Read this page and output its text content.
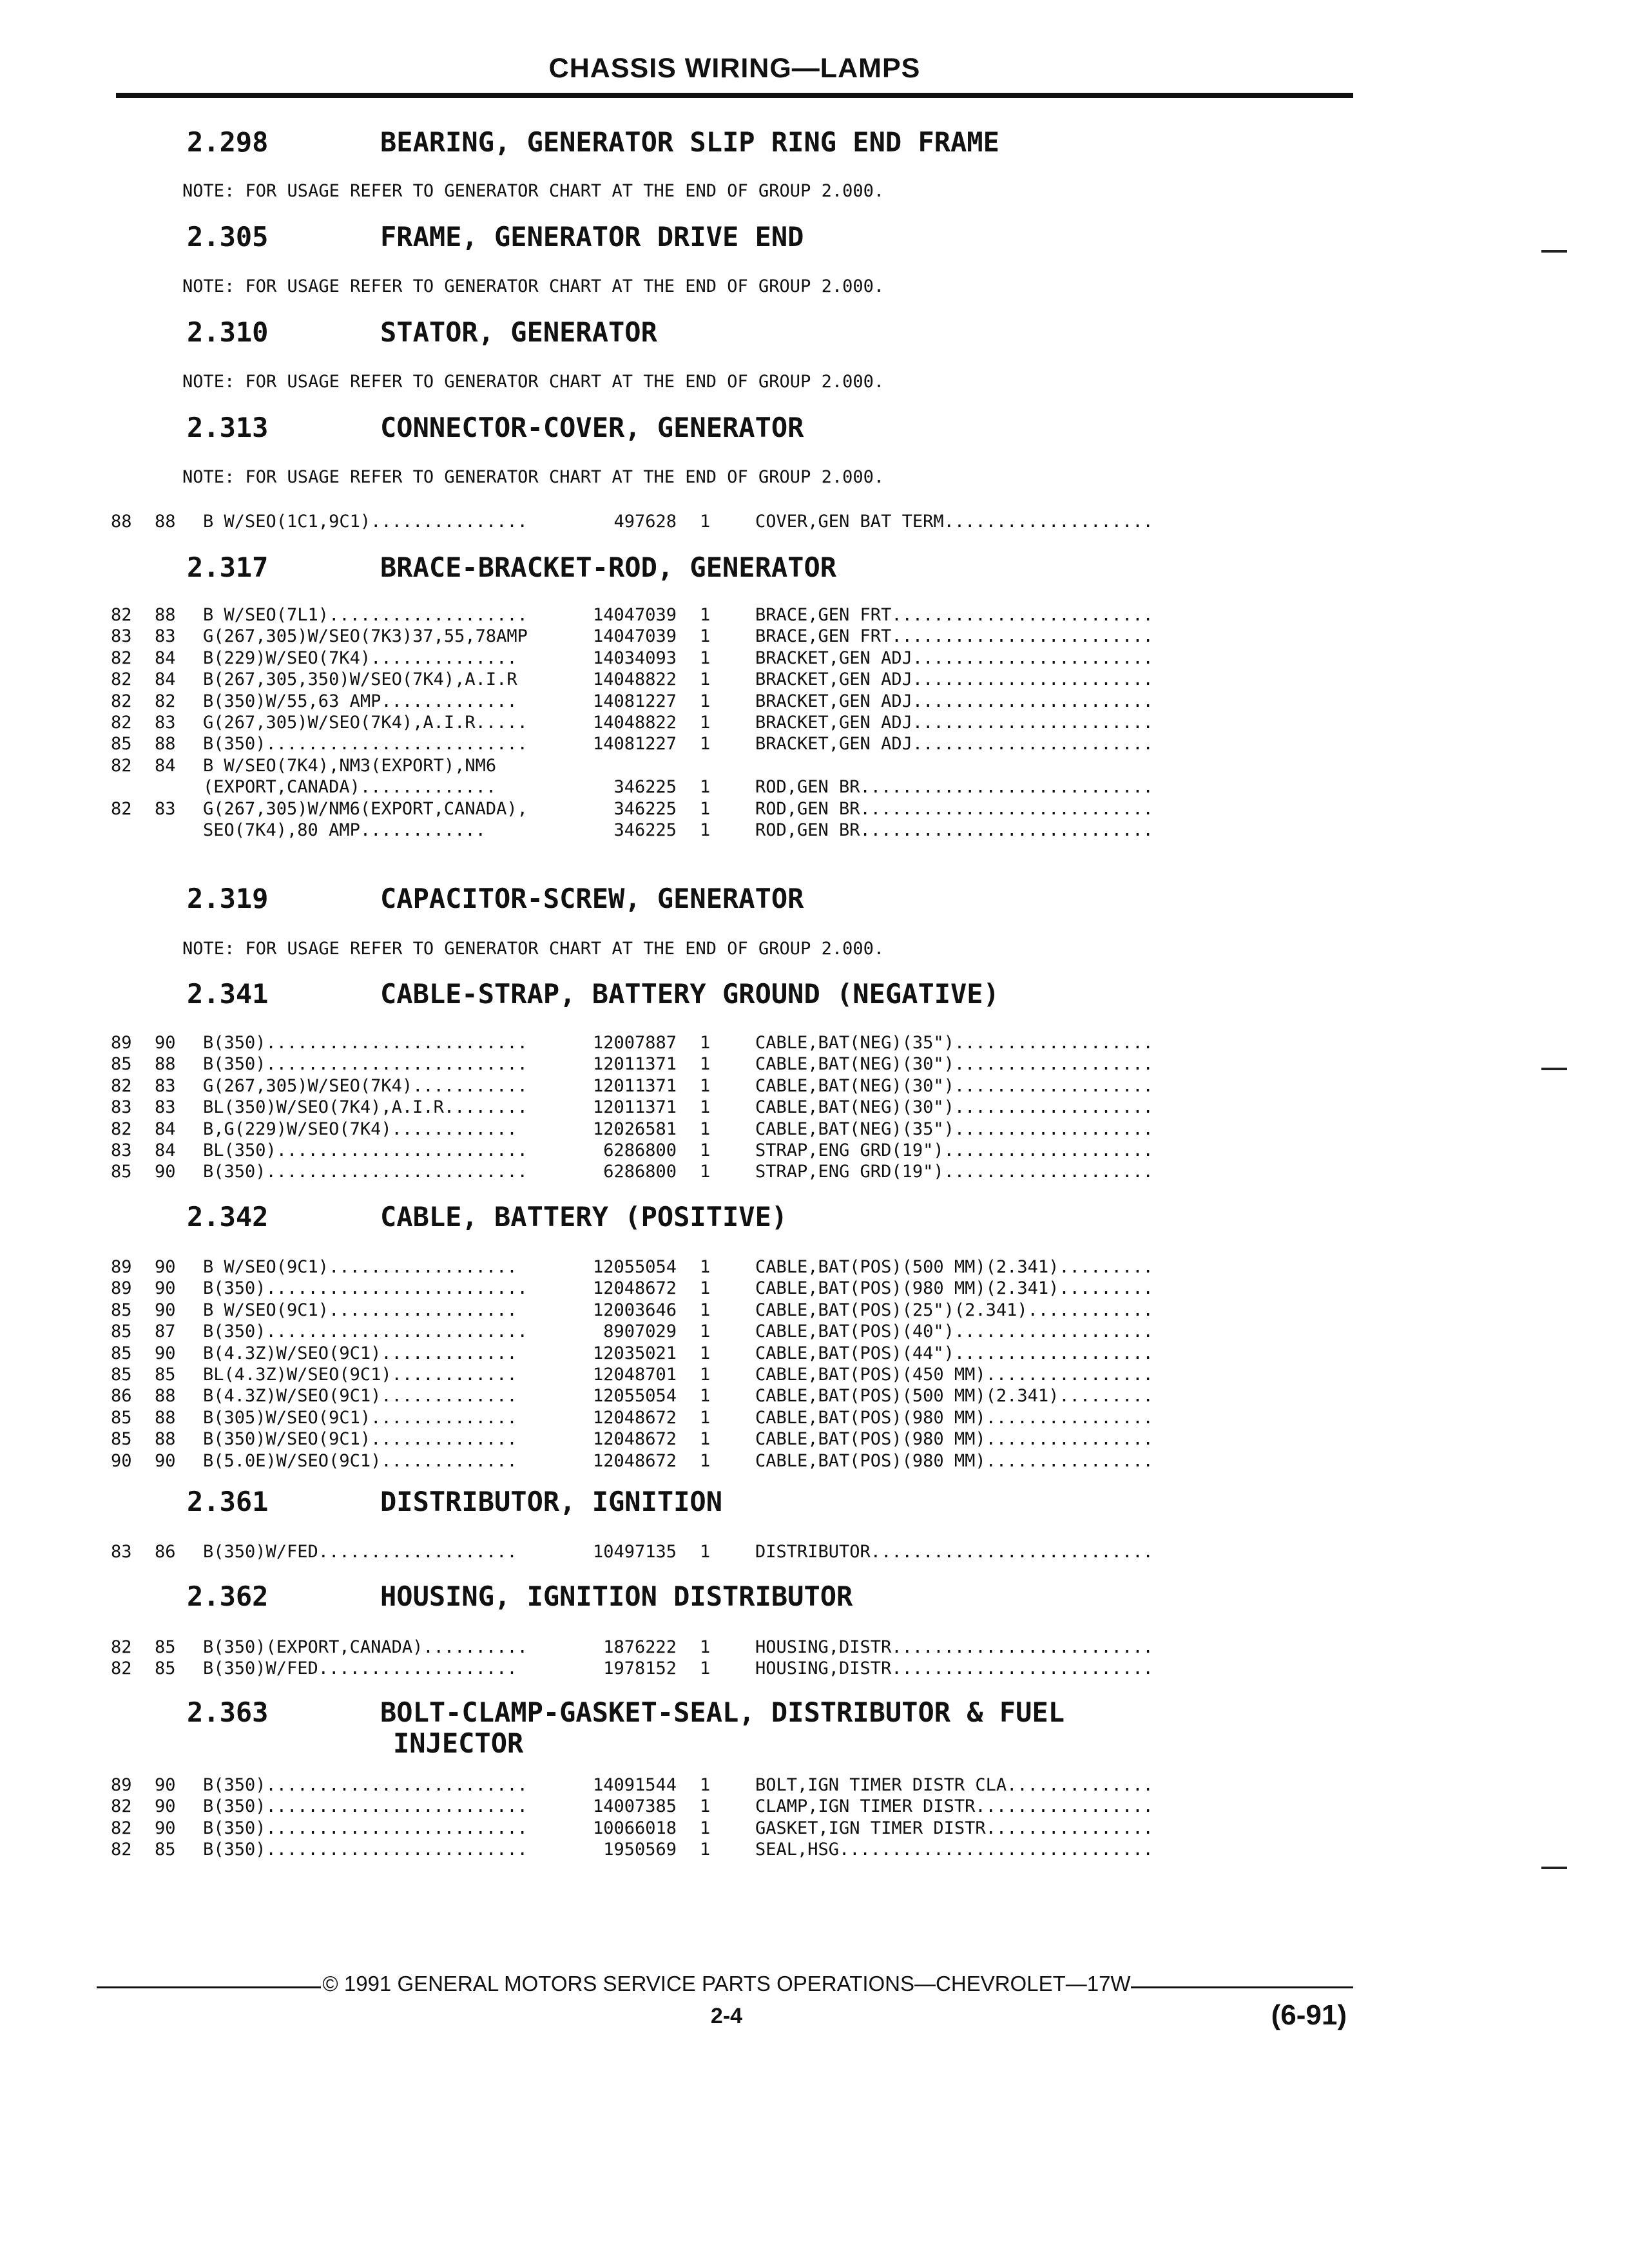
CHASSIS WIRING—LAMPS
2.298	BEARING, GENERATOR SLIP RING END FRAME
NOTE: FOR USAGE REFER TO GENERATOR CHART AT THE END OF GROUP 2.000.
2.305	FRAME, GENERATOR DRIVE END
NOTE: FOR USAGE REFER TO GENERATOR CHART AT THE END OF GROUP 2.000.
2.310	STATOR, GENERATOR
NOTE: FOR USAGE REFER TO GENERATOR CHART AT THE END OF GROUP 2.000.
2.313	CONNECTOR-COVER, GENERATOR
NOTE: FOR USAGE REFER TO GENERATOR CHART AT THE END OF GROUP 2.000.
88 88 B W/SEO(1C1,9C1)...............	497628 1	COVER,GEN BAT TERM....................
2.317	BRACE-BRACKET-ROD, GENERATOR
82 88 B W/SEO(7L1)...................	14047039 1	BRACE,GEN FRT.........................
83 83 G(267,305)W/SEO(7K3)37,55,78AMP	14047039 1	BRACE,GEN FRT.........................
82 84 B(229)W/SEO(7K4)..............	14034093 1	BRACKET,GEN ADJ.......................
82 84 B(267,305,350)W/SEO(7K4),A.I.R	14048822 1	BRACKET,GEN ADJ.......................
82 82 B(350)W/55,63 AMP.............	14081227 1	BRACKET,GEN ADJ.......................
82 83 G(267,305)W/SEO(7K4),A.I.R.....	14048822 1	BRACKET,GEN ADJ.......................
85 88 B(350).........................	14081227 1	BRACKET,GEN ADJ.......................
82 84 B W/SEO(7K4),NM3(EXPORT),NM6
(EXPORT,CANADA).............	346225 1	ROD,GEN BR............................
82 83 G(267,305)W/NM6(EXPORT,CANADA),	346225 1	ROD,GEN BR............................
SEO(7K4),80 AMP............	346225 1	ROD,GEN BR............................
2.319	CAPACITOR-SCREW, GENERATOR
NOTE: FOR USAGE REFER TO GENERATOR CHART AT THE END OF GROUP 2.000.
2.341	CABLE-STRAP, BATTERY GROUND (NEGATIVE)
89 90 B(350).........................	12007887 1	CABLE,BAT(NEG)(35")...................
85 88 B(350).........................	12011371 1	CABLE,BAT(NEG)(30")...................
82 83 G(267,305)W/SEO(7K4)...........	12011371 1	CABLE,BAT(NEG)(30")...................
83 83 BL(350)W/SEO(7K4),A.I.R........	12011371 1	CABLE,BAT(NEG)(30")...................
82 84 B,G(229)W/SEO(7K4)............	12026581 1	CABLE,BAT(NEG)(35")...................
83 84 BL(350)........................	6286800 1	STRAP,ENG GRD(19")....................
85 90 B(350).........................	6286800 1	STRAP,ENG GRD(19")....................
2.342	CABLE, BATTERY (POSITIVE)
89 90 B W/SEO(9C1)..................	12055054 1	CABLE,BAT(POS)(500 MM)(2.341).........
89 90 B(350).........................	12048672 1	CABLE,BAT(POS)(980 MM)(2.341).........
85 90 B W/SEO(9C1)..................	12003646 1	CABLE,BAT(POS)(25")(2.341)............
85 87 B(350).........................	8907029 1	CABLE,BAT(POS)(40")...................
85 90 B(4.3Z)W/SEO(9C1).............	12035021 1	CABLE,BAT(POS)(44")...................
85 85 BL(4.3Z)W/SEO(9C1)............	12048701 1	CABLE,BAT(POS)(450 MM)................
86 88 B(4.3Z)W/SEO(9C1).............	12055054 1	CABLE,BAT(POS)(500 MM)(2.341).........
85 88 B(305)W/SEO(9C1)..............	12048672 1	CABLE,BAT(POS)(980 MM)................
85 88 B(350)W/SEO(9C1)..............	12048672 1	CABLE,BAT(POS)(980 MM)................
90 90 B(5.0E)W/SEO(9C1).............	12048672 1	CABLE,BAT(POS)(980 MM)................
2.361	DISTRIBUTOR, IGNITION
83 86 B(350)W/FED...................	10497135 1	DISTRIBUTOR...........................
2.362	HOUSING, IGNITION DISTRIBUTOR
82 85 B(350)(EXPORT,CANADA)..........	1876222 1	HOUSING,DISTR.........................
82 85 B(350)W/FED...................	1978152 1	HOUSING,DISTR.........................
2.363	BOLT-CLAMP-GASKET-SEAL, DISTRIBUTOR & FUEL
INJECTOR
89 90 B(350).........................	14091544 1	BOLT,IGN TIMER DISTR CLA..............
82 90 B(350).........................	14007385 1	CLAMP,IGN TIMER DISTR.................
82 90 B(350).........................	10066018 1	GASKET,IGN TIMER DISTR................
82 85 B(350).........................	1950569 1	SEAL,HSG..............................
© 1991 GENERAL MOTORS SERVICE PARTS OPERATIONS—CHEVROLET—17W
2-4	(6-91)
